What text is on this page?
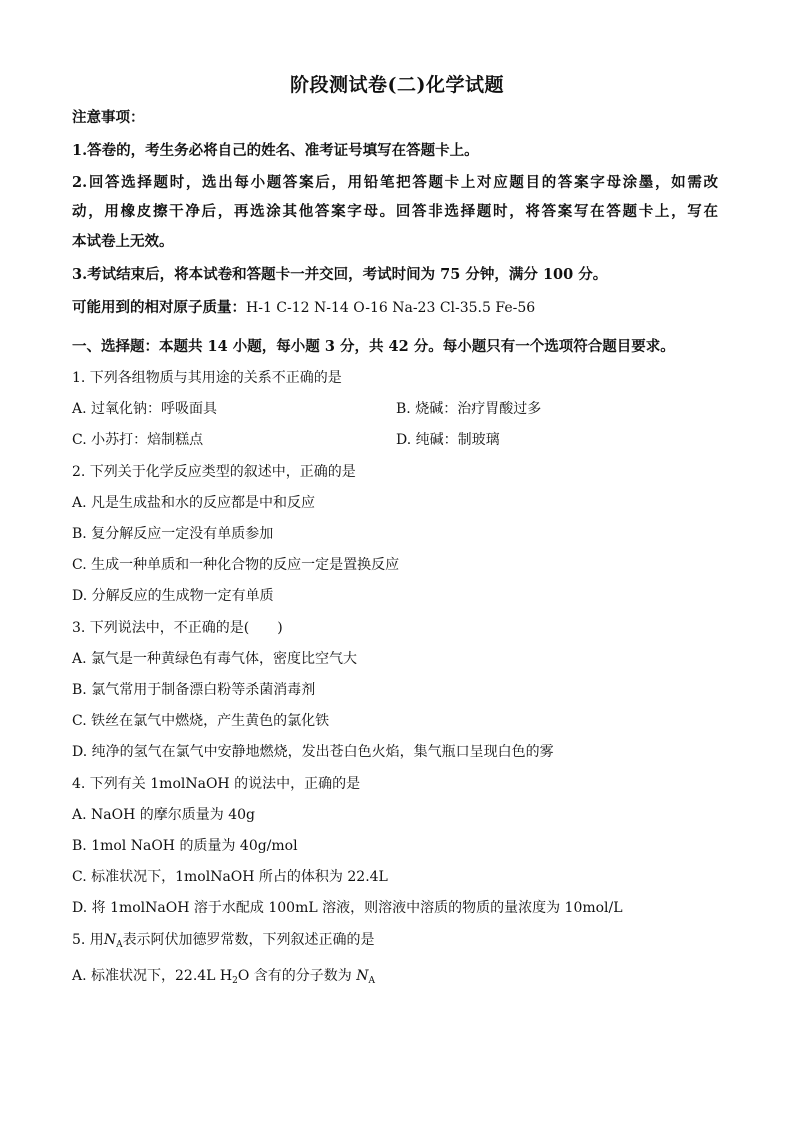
阶段测试卷(二)化学试题
注意事项：
1.答卷的，考生务必将自己的姓名、准考证号填写在答题卡上。
2.回答选择题时，选出每小题答案后，用铅笔把答题卡上对应题目的答案字母涂墨，如需改
动，用橡皮擦干净后，再选涂其他答案字母。回答非选择题时，将答案写在答题卡上，写在
本试卷上无效。
3.考试结束后，将本试卷和答题卡一并交回，考试时间为 75 分钟，满分 100 分。
可能用到的相对原子质量：H-1 C-12 N-14 O-16 Na-23 Cl-35.5 Fe-56
一、选择题：本题共 14 小题，每小题 3 分，共 42 分。每小题只有一个选项符合题目要求。
1. 下列各组物质与其用途的关系不正确的是
A. 过氧化钠：呼吸面具	B. 烧碱：治疗胃酸过多
C. 小苏打：焙制糕点	D. 纯碱：制玻璃
2. 下列关于化学反应类型的叙述中，正确的是
A. 凡是生成盐和水的反应都是中和反应
B. 复分解反应一定没有单质参加
C. 生成一种单质和一种化合物的反应一定是置换反应
D. 分解反应的生成物一定有单质
3. 下列说法中，不正确的是(　　)
A. 氯气是一种黄绿色有毒气体，密度比空气大
B. 氯气常用于制备漂白粉等杀菌消毒剂
C. 铁丝在氯气中燃烧，产生黄色的氯化铁
D. 纯净的氢气在氯气中安静地燃烧，发出苍白色火焰，集气瓶口呈现白色的雾
4. 下列有关 1molNaOH 的说法中，正确的是
A. NaOH 的摩尔质量为 40g
B. 1mol NaOH 的质量为 40g/mol
C. 标准状况下，1molNaOH 所占的体积为 22.4L
D. 将 1molNaOH 溶于水配成 100mL 溶液，则溶液中溶质的物质的量浓度为 10mol/L
5. 用$N_A$表示阿伏加德罗常数，下列叙述正确的是
A. 标准状况下，22.4L $H_2O$ 含有的分子数为 $N_A$
